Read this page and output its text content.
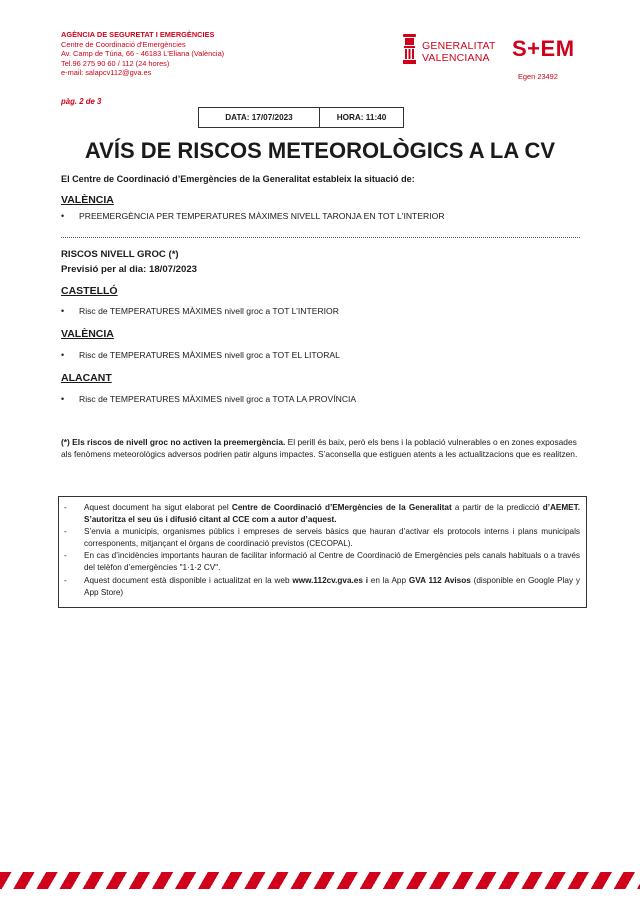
AGÈNCIA DE SEGURETAT I EMERGÈNCIES
Centre de Coordinació d'Emergències
Av. Camp de Túria, 66 - 46183 L'Eliana (València)
Tel.96 275 90 60 / 112 (24 hores)
e-mail: salapcv112@gva.es
GENERALITAT
VALENCIANA S+EM
Egen 23492
pàg. 2 de 3
DATA: 17/07/2023	HORA: 11:40
AVÍS DE RISCOS METEOROLÒGICS A LA CV
El Centre de Coordinació d’Emergències de la Generalitat estableix la situació de:
VALÈNCIA
•	PREEMERGÈNCIA PER TEMPERATURES MÀXIMES NIVELL TARONJA EN TOT L'INTERIOR
RISCOS NIVELL GROC (*)
Previsió per al dia: 18/07/2023
CASTELLÓ
•	Risc de TEMPERATURES MÀXIMES nivell groc a TOT L’INTERIOR
VALÈNCIA
•	Risc de TEMPERATURES MÀXIMES nivell groc a TOT EL LITORAL
ALACANT
•	Risc de TEMPERATURES MÀXIMES nivell groc a TOTA LA PROVÍNCIA
(*) Els riscos de nivell groc no activen la preemergència. El perill és baix, però els bens i la població vulnerables o en zones exposades als fenòmens meteorològics adversos podrien patir alguns impactes. S’aconsella que estiguen atents a les actualitzacions que es realitzen.
-	Aquest document ha sigut elaborat pel Centre de Coordinació d’EMergències de la Generalitat a partir de la predicció d’AEMET. S’autoritza el seu ús i difusió citant al CCE com a autor d’aquest.
-	S’envia a municipis, organismes públics i empreses de serveis bàsics que hauran d’activar els protocols interns i plans municipals corresponents, mitjançant el òrgans de coordinació previstos (CECOPAL).
-	En cas d’incidències importants hauran de facilitar informació al Centre de Coordinació de Emergències pels canals habituals o a través del telèfon d’emergències "1·1·2 CV".
-	Aquest document està disponible i actualitzat en la web www.112cv.gva.es i en la App GVA 112 Avisos (disponible en Google Play y App Store)
